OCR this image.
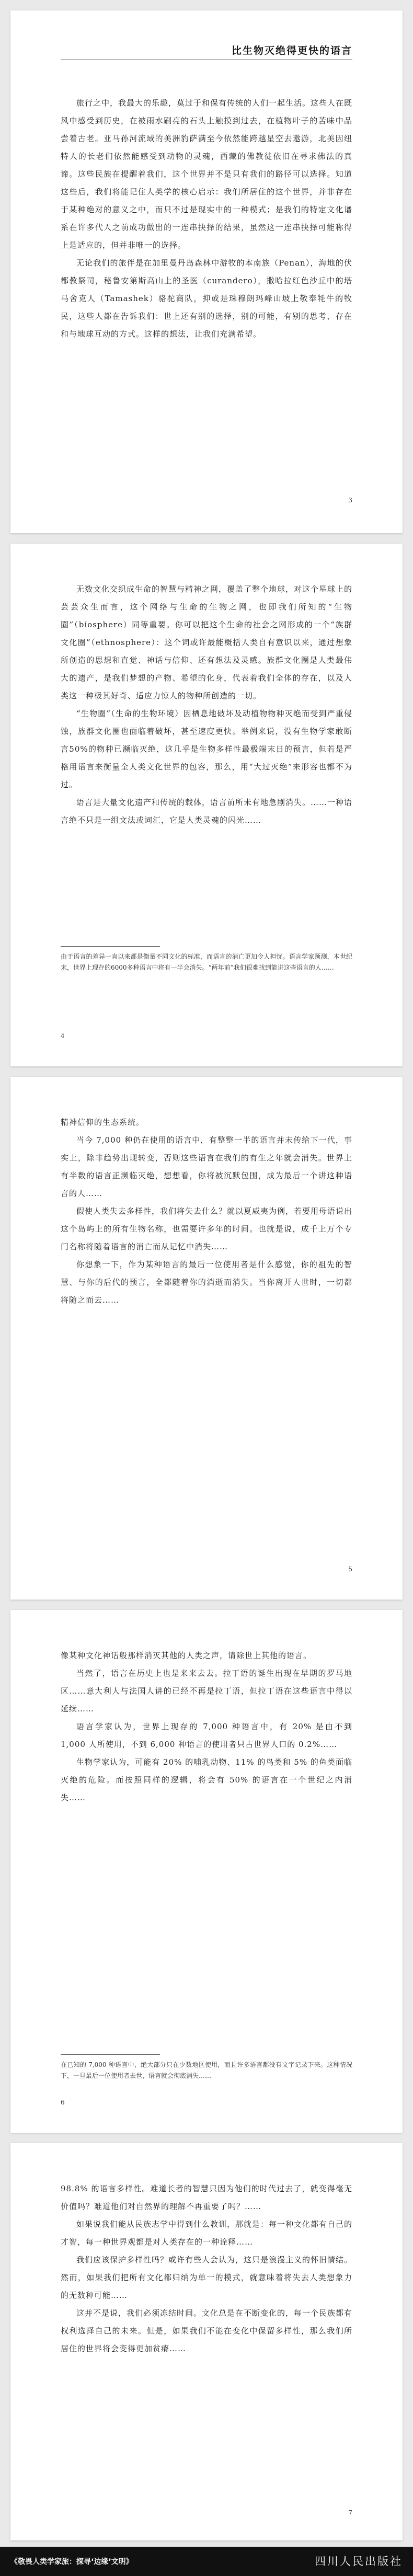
比生物灭绝得更快的语言

旅行之中，我最大的乐趣，莫过于和保有传统的人们一起生活。这些人在既风中感受到历史，在被雨水刷亮的石头上触摸到过去，在植物叶子的苦味中品尝着古老。亚马孙河流域的美洲豹萨满至今依然能跨越星空去遨游，北美因纽特人的长老们依然能感受到动物的灵魂，西藏的佛教徒依旧在寻求佛法的真谛。这些民族在提醒着我们，这个世界并不是只有我们的路径可以选择。知道这些后，我们将能记住人类学的核心启示：我们所居住的这个世界，并非存在于某种绝对的意义之中，而只不过是现实中的一种模式；是我们的特定文化谱系在许多代人之前成功做出的一连串抉择的结果，虽然这一连串抉择可能称得上是适应的，但并非唯一的选择。

无论我们的旅伴是在加里曼丹岛森林中游牧的本南族（Penan），海地的伏都教祭司，秘鲁安第斯高山上的圣医（curandero），撒哈拉红色沙丘中的塔马舍克人（Tamashek）骆驼商队，抑或是珠穆朗玛峰山坡上敬奉牦牛的牧民，这些人都在告诉我们：世上还有别的选择，别的可能，有别的思考、存在和与地球互动的方式。这样的想法，让我们充满希望。

3

无数文化交织成生命的智慧与精神之网，覆盖了整个地球，对这个星球上的芸芸众生而言，这个网络与生命的生物之网，也即我们所知的“生物圈”（biosphere）同等重要。你可以把这个生命的社会之网形成的一个“族群文化圈”（ethnosphere）：这个词或许最能概括人类自有意识以来，通过想象所创造的思想和直觉、神话与信仰、还有想法及灵感。族群文化圈是人类最伟大的遗产，是我们梦想的产物、希望的化身，代表着我们全体的存在，以及人类这一种极其好奇、适应力惊人的物种所创造的一切。

“生物圈”（生命的生物环境）因栖息地破坏及动植物物种灭绝而受到严重侵蚀，族群文化圈也面临着破坏，甚至速度更快。举例来说，没有生物学家敢断言50%的物种已濒临灭绝，这几乎是生物多样性最极端末日的预言，但若是严格用语言来衡量全人类文化世界的包容，那么，用“大过灭绝”来形容也都不为过。

语言是大量文化遗产和传统的载体，语言前所未有地急剧消失。……一种语言绝不只是一组文法或词汇，它是人类灵魂的闪光……

由于语言的差异一直以来都是衡量不同文化的标准，而语言的消亡更加令人担忧。语言学家预测，本世纪末，世界上现存的6000多种语言中将有一半会消失。“两年前”我们很难找到能讲这些语言的人……
4

精神信仰的生态系统。

当今 7,000 种仍在使用的语言中，有整整一半的语言并未传给下一代，事实上，除非趋势出现转变，否则这些语言在我们的有生之年就会消失。世界上有半数的语言正濒临灭绝，想想看，你将被沉默包围，成为最后一个讲这种语言的人……

假使人类失去多样性，我们将失去什么？就以夏威夷为例，若要用母语说出这个岛屿上的所有生物名称，也需要许多年的时间。也就是说，成千上万个专门名称将随着语言的消亡而从记忆中消失……

你想象一下，作为某种语言的最后一位使用者是什么感觉，你的祖先的智慧、与你的后代的预言，全都随着你的消逝而消失。当你离开人世时，一切都将随之而去……

5

像某种文化神话般那样消灭其他的人类之声，请除世上其他的语言。

当然了，语言在历史上也是来来去去。拉丁语的诞生出现在早期的罗马地区……意大利人与法国人讲的已经不再是拉丁语，但拉丁语在这些语言中得以延续……

语言学家认为，世界上现存的 7,000 种语言中，有 20% 是由不到 1,000 人所使用，不到 6,000 种语言的使用者只占世界人口的 0.2%……

生物学家认为，可能有 20% 的哺乳动物、11% 的鸟类和 5% 的鱼类面临灭绝的危险。而按照同样的逻辑，将会有 50% 的语言在一个世纪之内消失……

在已知的 7,000 种语言中，绝大部分只在少数地区使用，而且许多语言都没有文字记录下来。这种情况下，一旦最后一位使用者去世，语言就会彻底消失……
6

98.8% 的语言多样性。难道长者的智慧只因为他们的时代过去了，就变得毫无价值吗？难道他们对自然界的理解不再重要了吗？……

如果说我们能从民族志学中得到什么教训，那就是：每一种文化都有自己的才智，每一种世界观都是对人类存在的一种诠释……

我们应该保护多样性吗？或许有些人会认为，这只是浪漫主义的怀旧情结。然而，如果我们把所有文化都归纳为单一的模式，就意味着将失去人类想象力的无数种可能……

这并不是说，我们必须冻结时间。文化总是在不断变化的，每一个民族都有权利选择自己的未来。但是，如果我们不能在变化中保留多样性，那么我们所居住的世界将会变得更加贫瘠……

7
《敬畏人类学家旅：探寻‘边缘’文明》	四川人民出版社
